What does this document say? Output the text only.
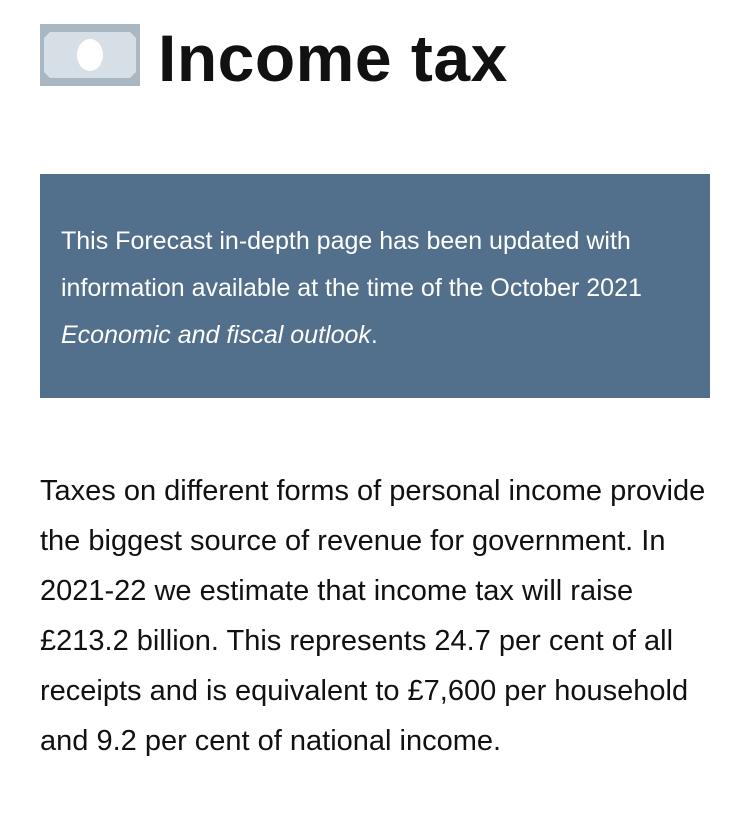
Income tax

This Forecast in-depth page has been updated with information available at the time of the October 2021 Economic and fiscal outlook.

Taxes on different forms of personal income provide the biggest source of revenue for government. In 2021-22 we estimate that income tax will raise £213.2 billion. This represents 24.7 per cent of all receipts and is equivalent to £7,600 per household and 9.2 per cent of national income.
